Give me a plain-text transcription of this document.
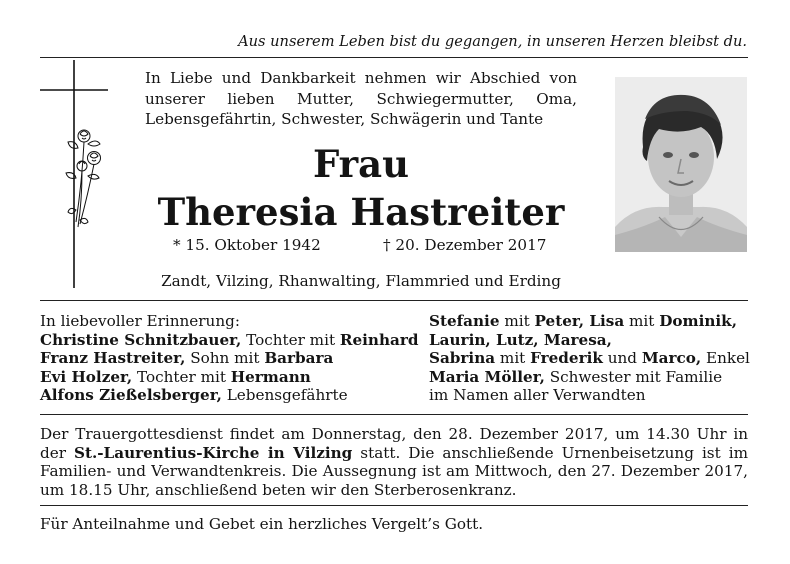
Aus unserem Leben bist du gegangen, in unseren Herzen bleibst du.

In Liebe und Dankbarkeit nehmen wir Abschied von unserer lieben Mutter, Schwiegermutter, Oma, Lebensgefährtin, Schwester, Schwägerin und Tante

Frau
Theresia Hastreiter
* 15. Oktober 1942	† 20. Dezember 2017
Zandt, Vilzing, Rhanwalting, Flammried und Erding
In liebevoller Erinnerung:
Christine Schnitzbauer, Tochter mit Reinhard
Franz Hastreiter, Sohn mit Barbara
Evi Holzer, Tochter mit Hermann
Alfons Zießelsberger, Lebensgefährte
Stefanie mit Peter, Lisa mit Dominik,
Laurin, Lutz, Maresa,
Sabrina mit Frederik und Marco, Enkel
Maria Möller, Schwester mit Familie
im Namen aller Verwandten

Der Trauergottesdienst findet am Donnerstag, den 28. Dezember 2017, um 14.30 Uhr in der St.-Laurentius-Kirche in Vilzing statt. Die anschließende Urnenbeisetzung ist im Familien- und Verwandtenkreis. Die Aussegnung ist am Mittwoch, den 27. Dezember 2017, um 18.15 Uhr, anschließend beten wir den Sterberosenkranz.

Für Anteilnahme und Gebet ein herzliches Vergelt’s Gott.
